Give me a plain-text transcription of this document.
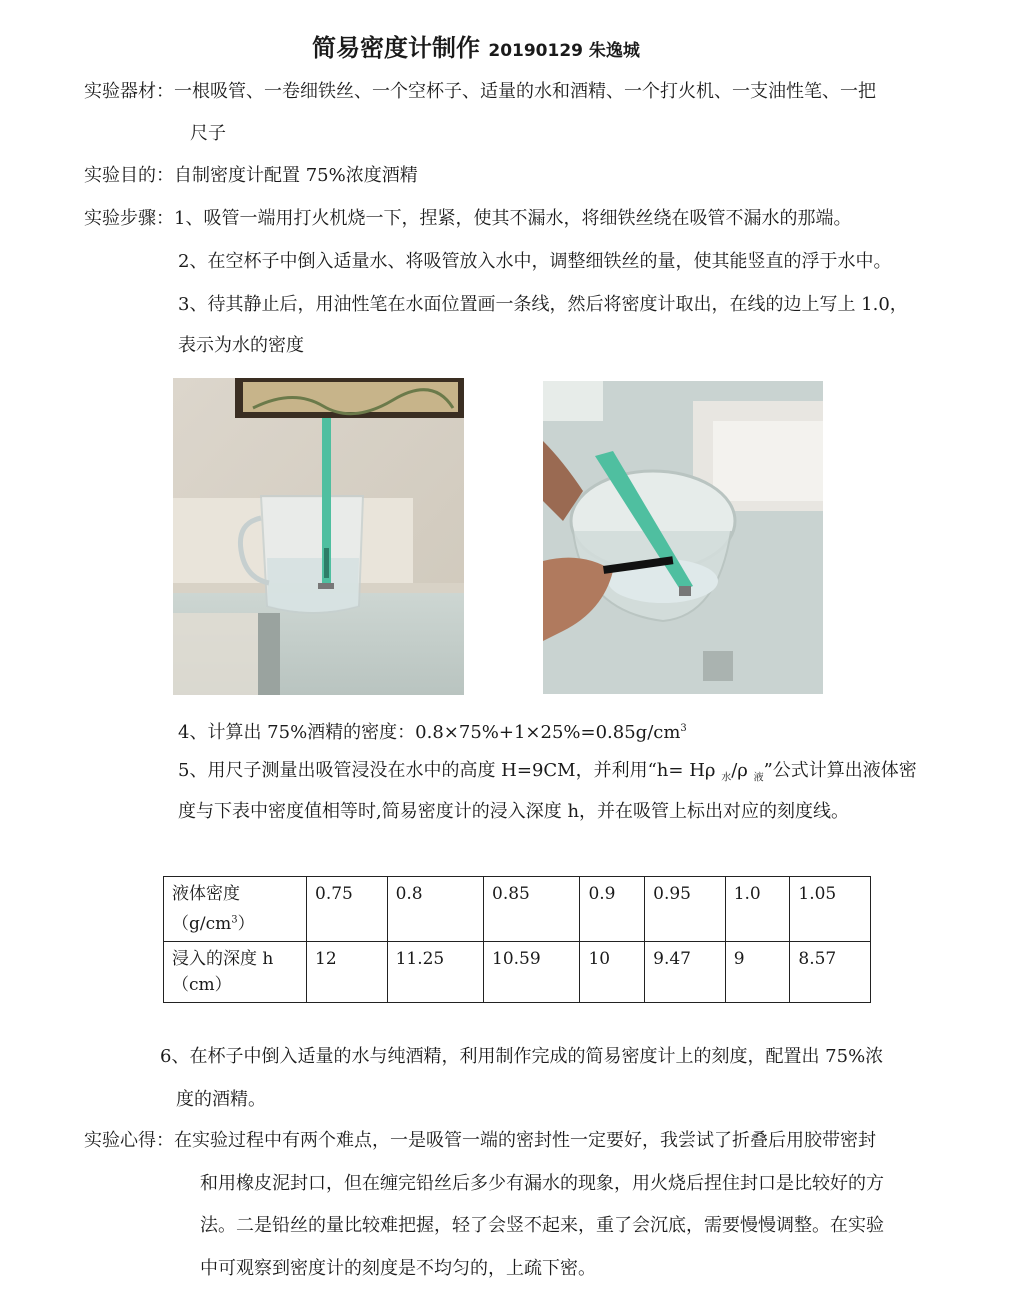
简易密度计制作 20190129 朱逸城
实验器材：一根吸管、一卷细铁丝、一个空杯子、适量的水和酒精、一个打火机、一支油性笔、一把
尺子
实验目的：自制密度计配置 75%浓度酒精
实验步骤：1、吸管一端用打火机烧一下，捏紧，使其不漏水，将细铁丝绕在吸管不漏水的那端。
2、在空杯子中倒入适量水、将吸管放入水中，调整细铁丝的量，使其能竖直的浮于水中。
3、待其静止后，用油性笔在水面位置画一条线，然后将密度计取出，在线的边上写上 1.0，
表示为水的密度
4、计算出 75%酒精的密度：$0.8\times 75\%+1\times 25\%=0.85g/cm^3$
5、用尺子测量出吸管浸没在水中的高度 H=9CM，并利用“h= Hρ $_水$/ρ $_液$”公式计算出液体密
度与下表中密度值相等时,简易密度计的浸入深度 h，并在吸管上标出对应的刻度线。
液体密度
$(g/cm^3)$	0.75	0.8	0.85	0.9	0.95	1.0	1.05
浸入的深度 h
（cm）	12	11.25	10.59	10	9.47	9	8.57
6、在杯子中倒入适量的水与纯酒精，利用制作完成的简易密度计上的刻度，配置出 75%浓
度的酒精。
实验心得：在实验过程中有两个难点，一是吸管一端的密封性一定要好，我尝试了折叠后用胶带密封
和用橡皮泥封口，但在缠完铅丝后多少有漏水的现象，用火烧后捏住封口是比较好的方
法。二是铅丝的量比较难把握，轻了会竖不起来，重了会沉底，需要慢慢调整。在实验
中可观察到密度计的刻度是不均匀的，上疏下密。
